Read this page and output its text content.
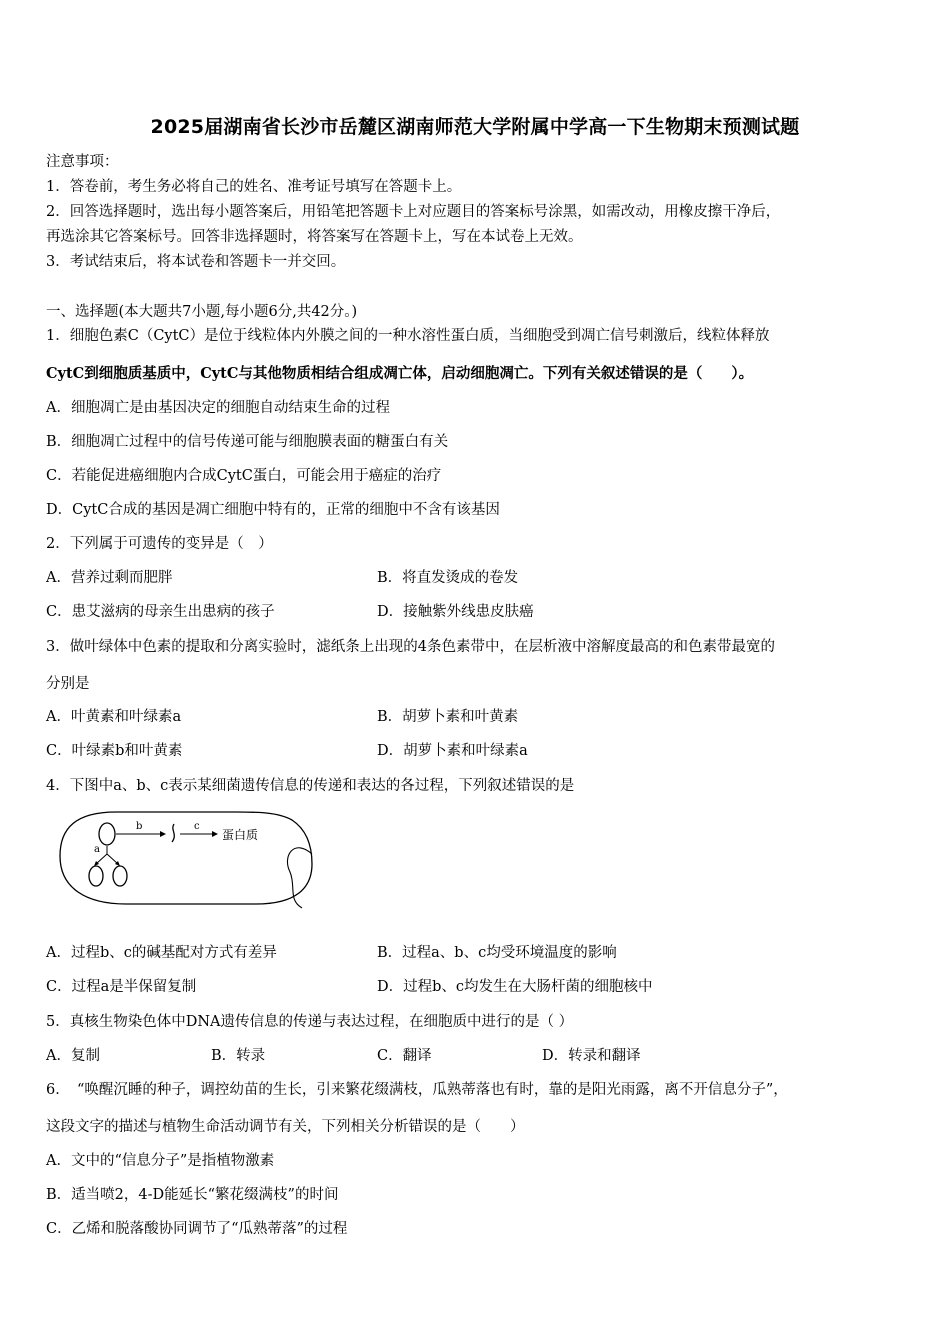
2025届湖南省长沙市岳麓区湖南师范大学附属中学高一下生物期末预测试题
注意事项：
1．答卷前，考生务必将自己的姓名、准考证号填写在答题卡上。
2．回答选择题时，选出每小题答案后，用铅笔把答题卡上对应题目的答案标号涂黑，如需改动，用橡皮擦干净后，
再选涂其它答案标号。回答非选择题时，将答案写在答题卡上，写在本试卷上无效。
3．考试结束后，将本试卷和答题卡一并交回。
一、选择题(本大题共7小题,每小题6分,共42分。)
1．细胞色素C（CytC）是位于线粒体内外膜之间的一种水溶性蛋白质，当细胞受到凋亡信号刺激后，线粒体释放
CytC到细胞质基质中，CytC与其他物质相结合组成凋亡体，启动细胞凋亡。下列有关叙述错误的是（　　）。
A．细胞凋亡是由基因决定的细胞自动结束生命的过程
B．细胞凋亡过程中的信号传递可能与细胞膜表面的糖蛋白有关
C．若能促进癌细胞内合成CytC蛋白，可能会用于癌症的治疗
D．CytC合成的基因是凋亡细胞中特有的，正常的细胞中不含有该基因
2．下列属于可遗传的变异是（　）
A．营养过剩而肥胖	B．将直发烫成的卷发
C．患艾滋病的母亲生出患病的孩子	D．接触紫外线患皮肤癌
3．做叶绿体中色素的提取和分离实验时，滤纸条上出现的4条色素带中，在层析液中溶解度最高的和色素带最宽的
分别是
A．叶黄素和叶绿素a	B．胡萝卜素和叶黄素
C．叶绿素b和叶黄素	D．胡萝卜素和叶绿素a
4．下图中a、b、c表示某细菌遗传信息的传递和表达的各过程，下列叙述错误的是
a
b	c
蛋白质
A．过程b、c的碱基配对方式有差异	B．过程a、b、c均受环境温度的影响
C．过程a是半保留复制	D．过程b、c均发生在大肠杆菌的细胞核中
5．真核生物染色体中DNA遗传信息的传递与表达过程，在细胞质中进行的是（ ）
A．复制	B．转录	C．翻译	D．转录和翻译
6．　“唤醒沉睡的种子，调控幼苗的生长，引来繁花缀满枝，瓜熟蒂落也有时，靠的是阳光雨露，离不开信息分子”，
这段文字的描述与植物生命活动调节有关，下列相关分析错误的是（　　）
A．文中的“信息分子”是指植物激素
B．适当喷2，4-D能延长“繁花缀满枝”的时间
C．乙烯和脱落酸协同调节了“瓜熟蒂落”的过程
